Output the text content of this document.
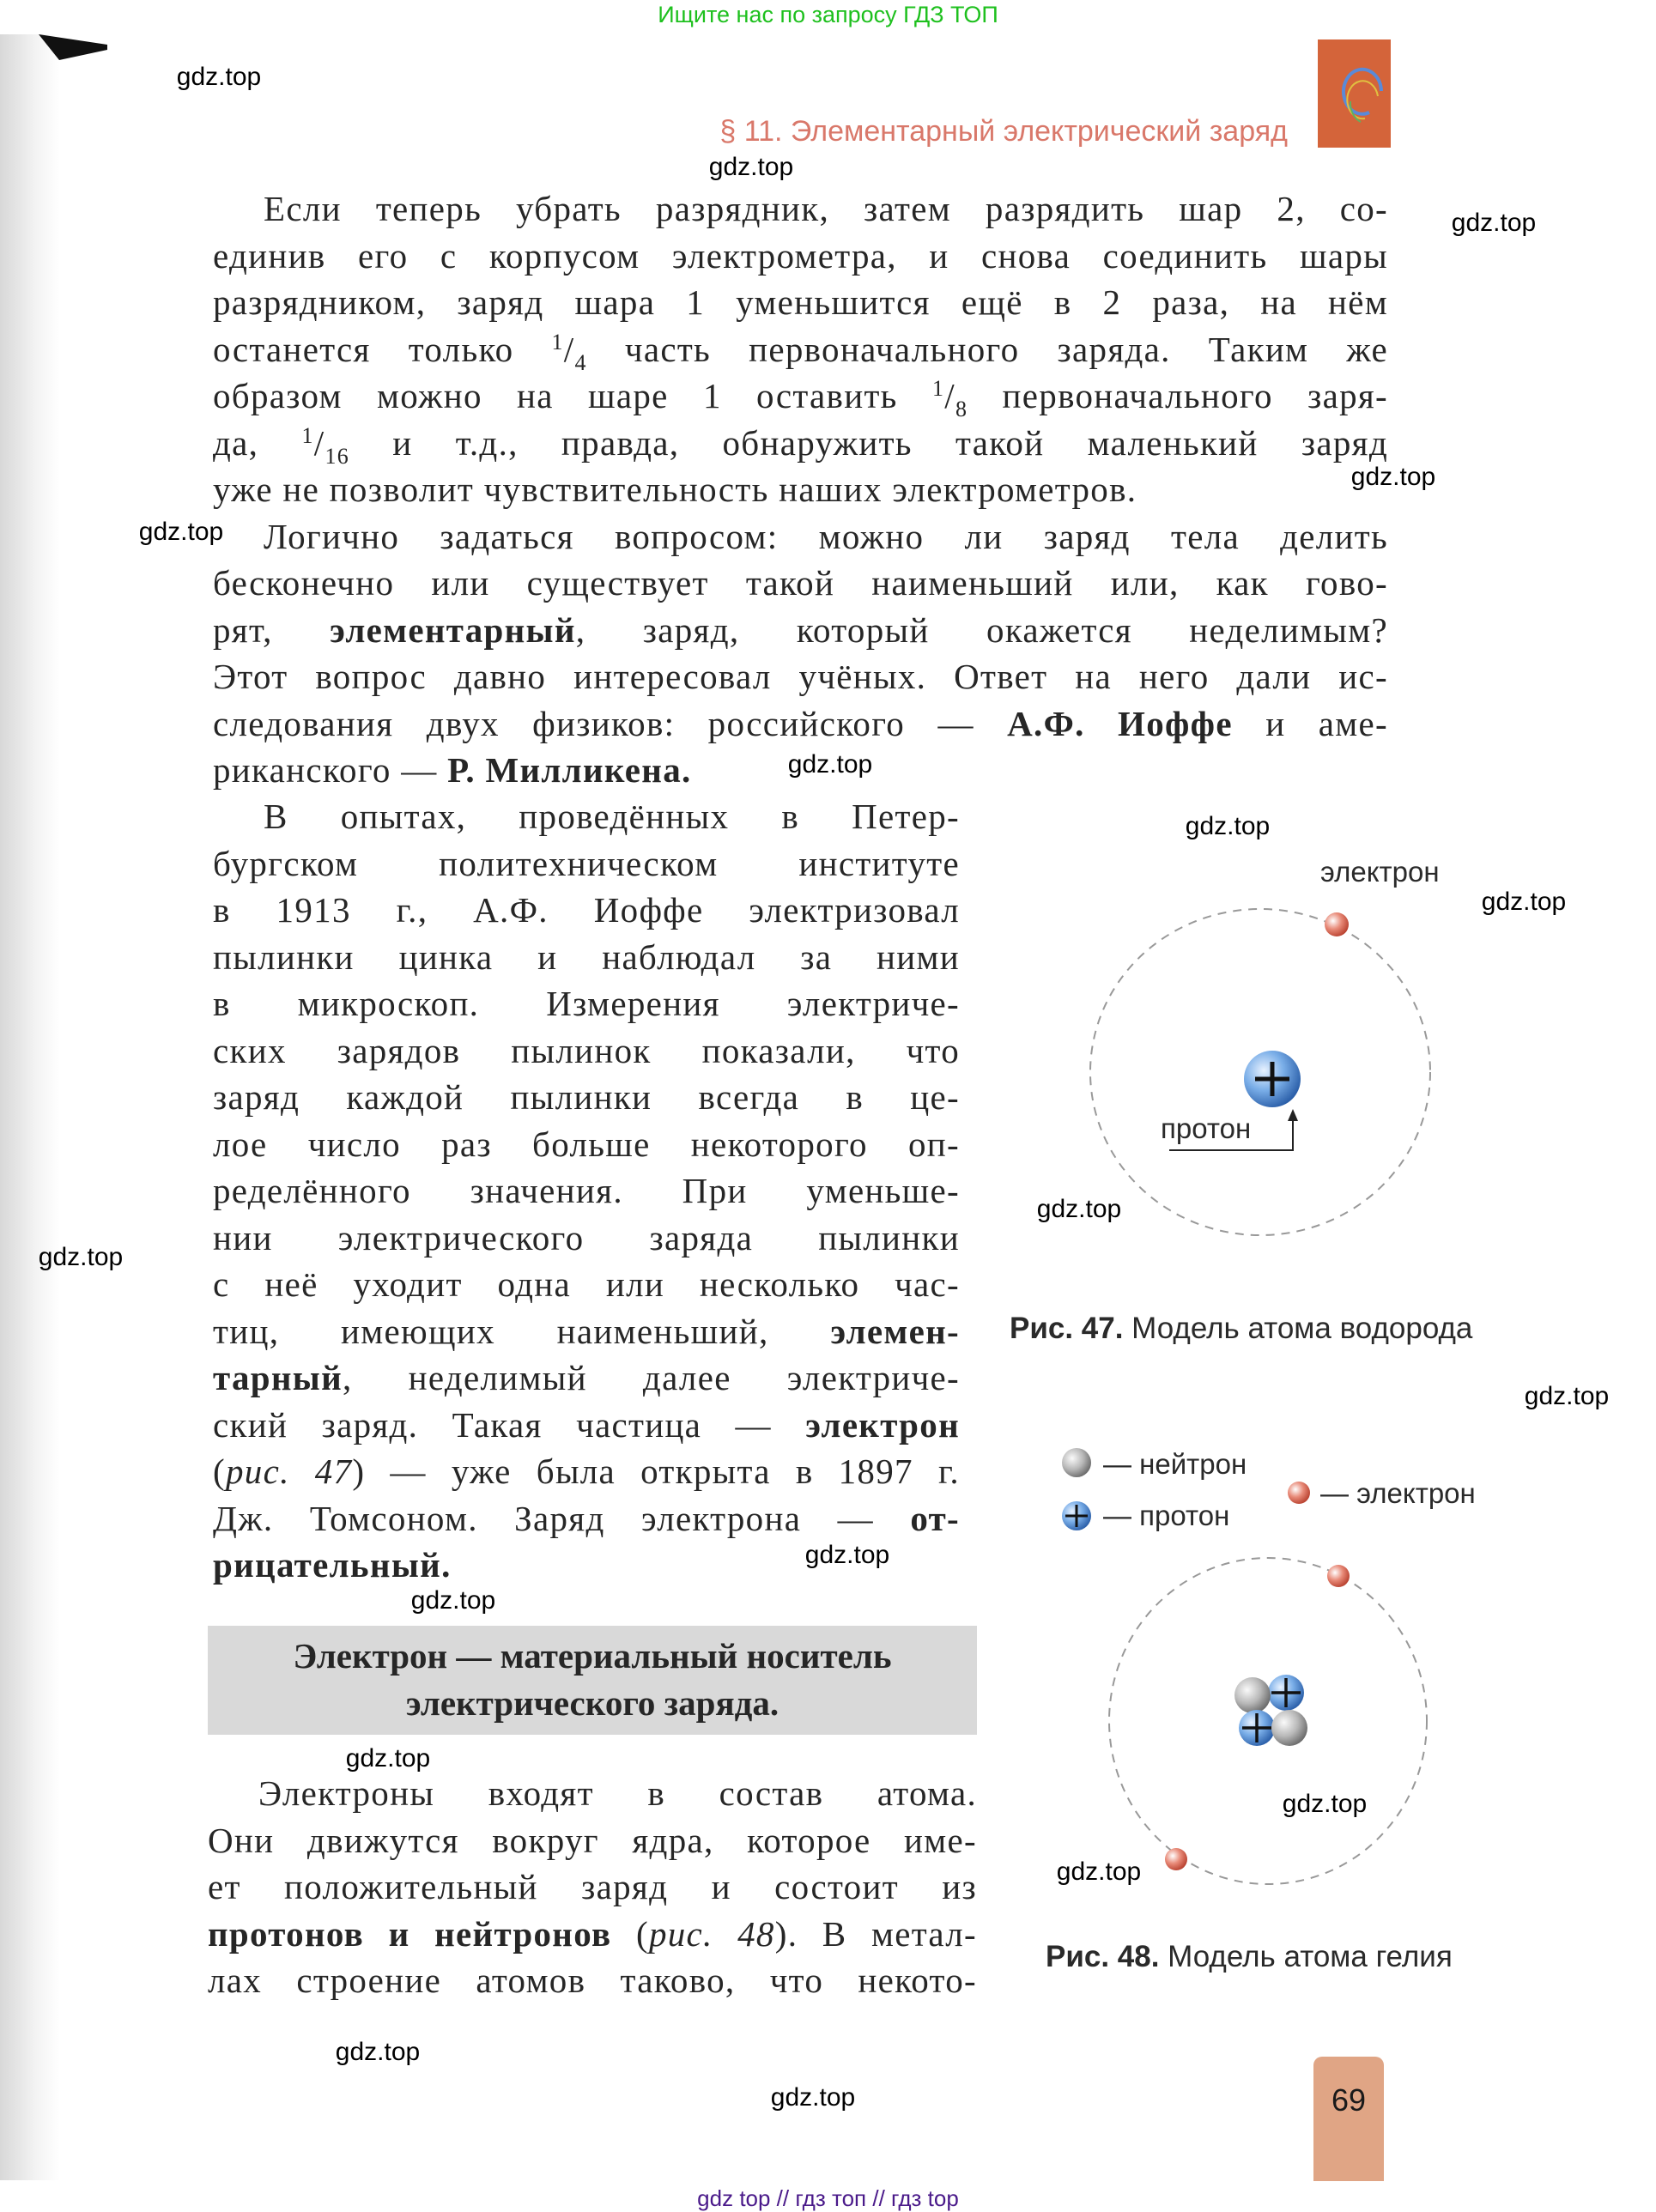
Ищите нас по запросу ГДЗ ТОП
§ 11. Элементарный электрический заряд
Если теперь убрать разрядник, затем разрядить шар 2, со-
единив его с корпусом электрометра, и снова соединить шары
разрядником, заряд шара 1 уменьшится ещё в 2 раза, на нём
останется только $^1/_4$ часть первоначального заряда. Таким же
образом можно на шаре 1 оставить $^1/_8$ первоначального заря-
да, $^1/_{16}$ и т.д., правда, обнаружить такой маленький заряд
уже не позволит чувствительность наших электрометров.
Логично задаться вопросом: можно ли заряд тела делить
бесконечно или существует такой наименьший или, как гово-
рят, элементарный, заряд, который окажется неделимым?
Этот вопрос давно интересовал учёных. Ответ на него дали ис-
следования двух физиков: российского — А.Ф. Иоффе и аме-
риканского — Р. Милликена.
В опытах, проведённых в Петер-
бургском политехническом институте
в 1913 г., А.Ф. Иоффе электризовал
пылинки цинка и наблюдал за ними
в микроскоп. Измерения электриче-
ских зарядов пылинок показали, что
заряд каждой пылинки всегда в це-
лое число раз больше некоторого оп-
ределённого значения. При уменьше-
нии электрического заряда пылинки
с неё уходит одна или несколько час-
тиц, имеющих наименьший, элемен-
тарный, неделимый далее электриче-
ский заряд. Такая частица — электрон
(рис. 47) — уже была открыта в 1897 г.
Дж. Томсоном. Заряд электрона — от-
рицательный.
Электрон — материальный носитель
электрического заряда.
Электроны входят в состав атома.
Они движутся вокруг ядра, которое име-
ет положительный заряд и состоит из
протонов и нейтронов (рис. 48). В метал-
лах строение атомов таково, что некото-
электрон
протон
Рис. 47. Модель атома водорода
— нейтрон
— протон
— электрон
Рис. 48. Модель атома гелия
gdz.top
gdz.top
gdz.top
gdz.top
gdz.top
gdz.top
gdz.top
gdz.top
gdz.top
gdz.top
gdz.top
gdz.top
gdz.top
gdz.top
gdz.top
gdz.top
gdz.top
gdz.top	69
gdz top // гдз топ // гдз top
